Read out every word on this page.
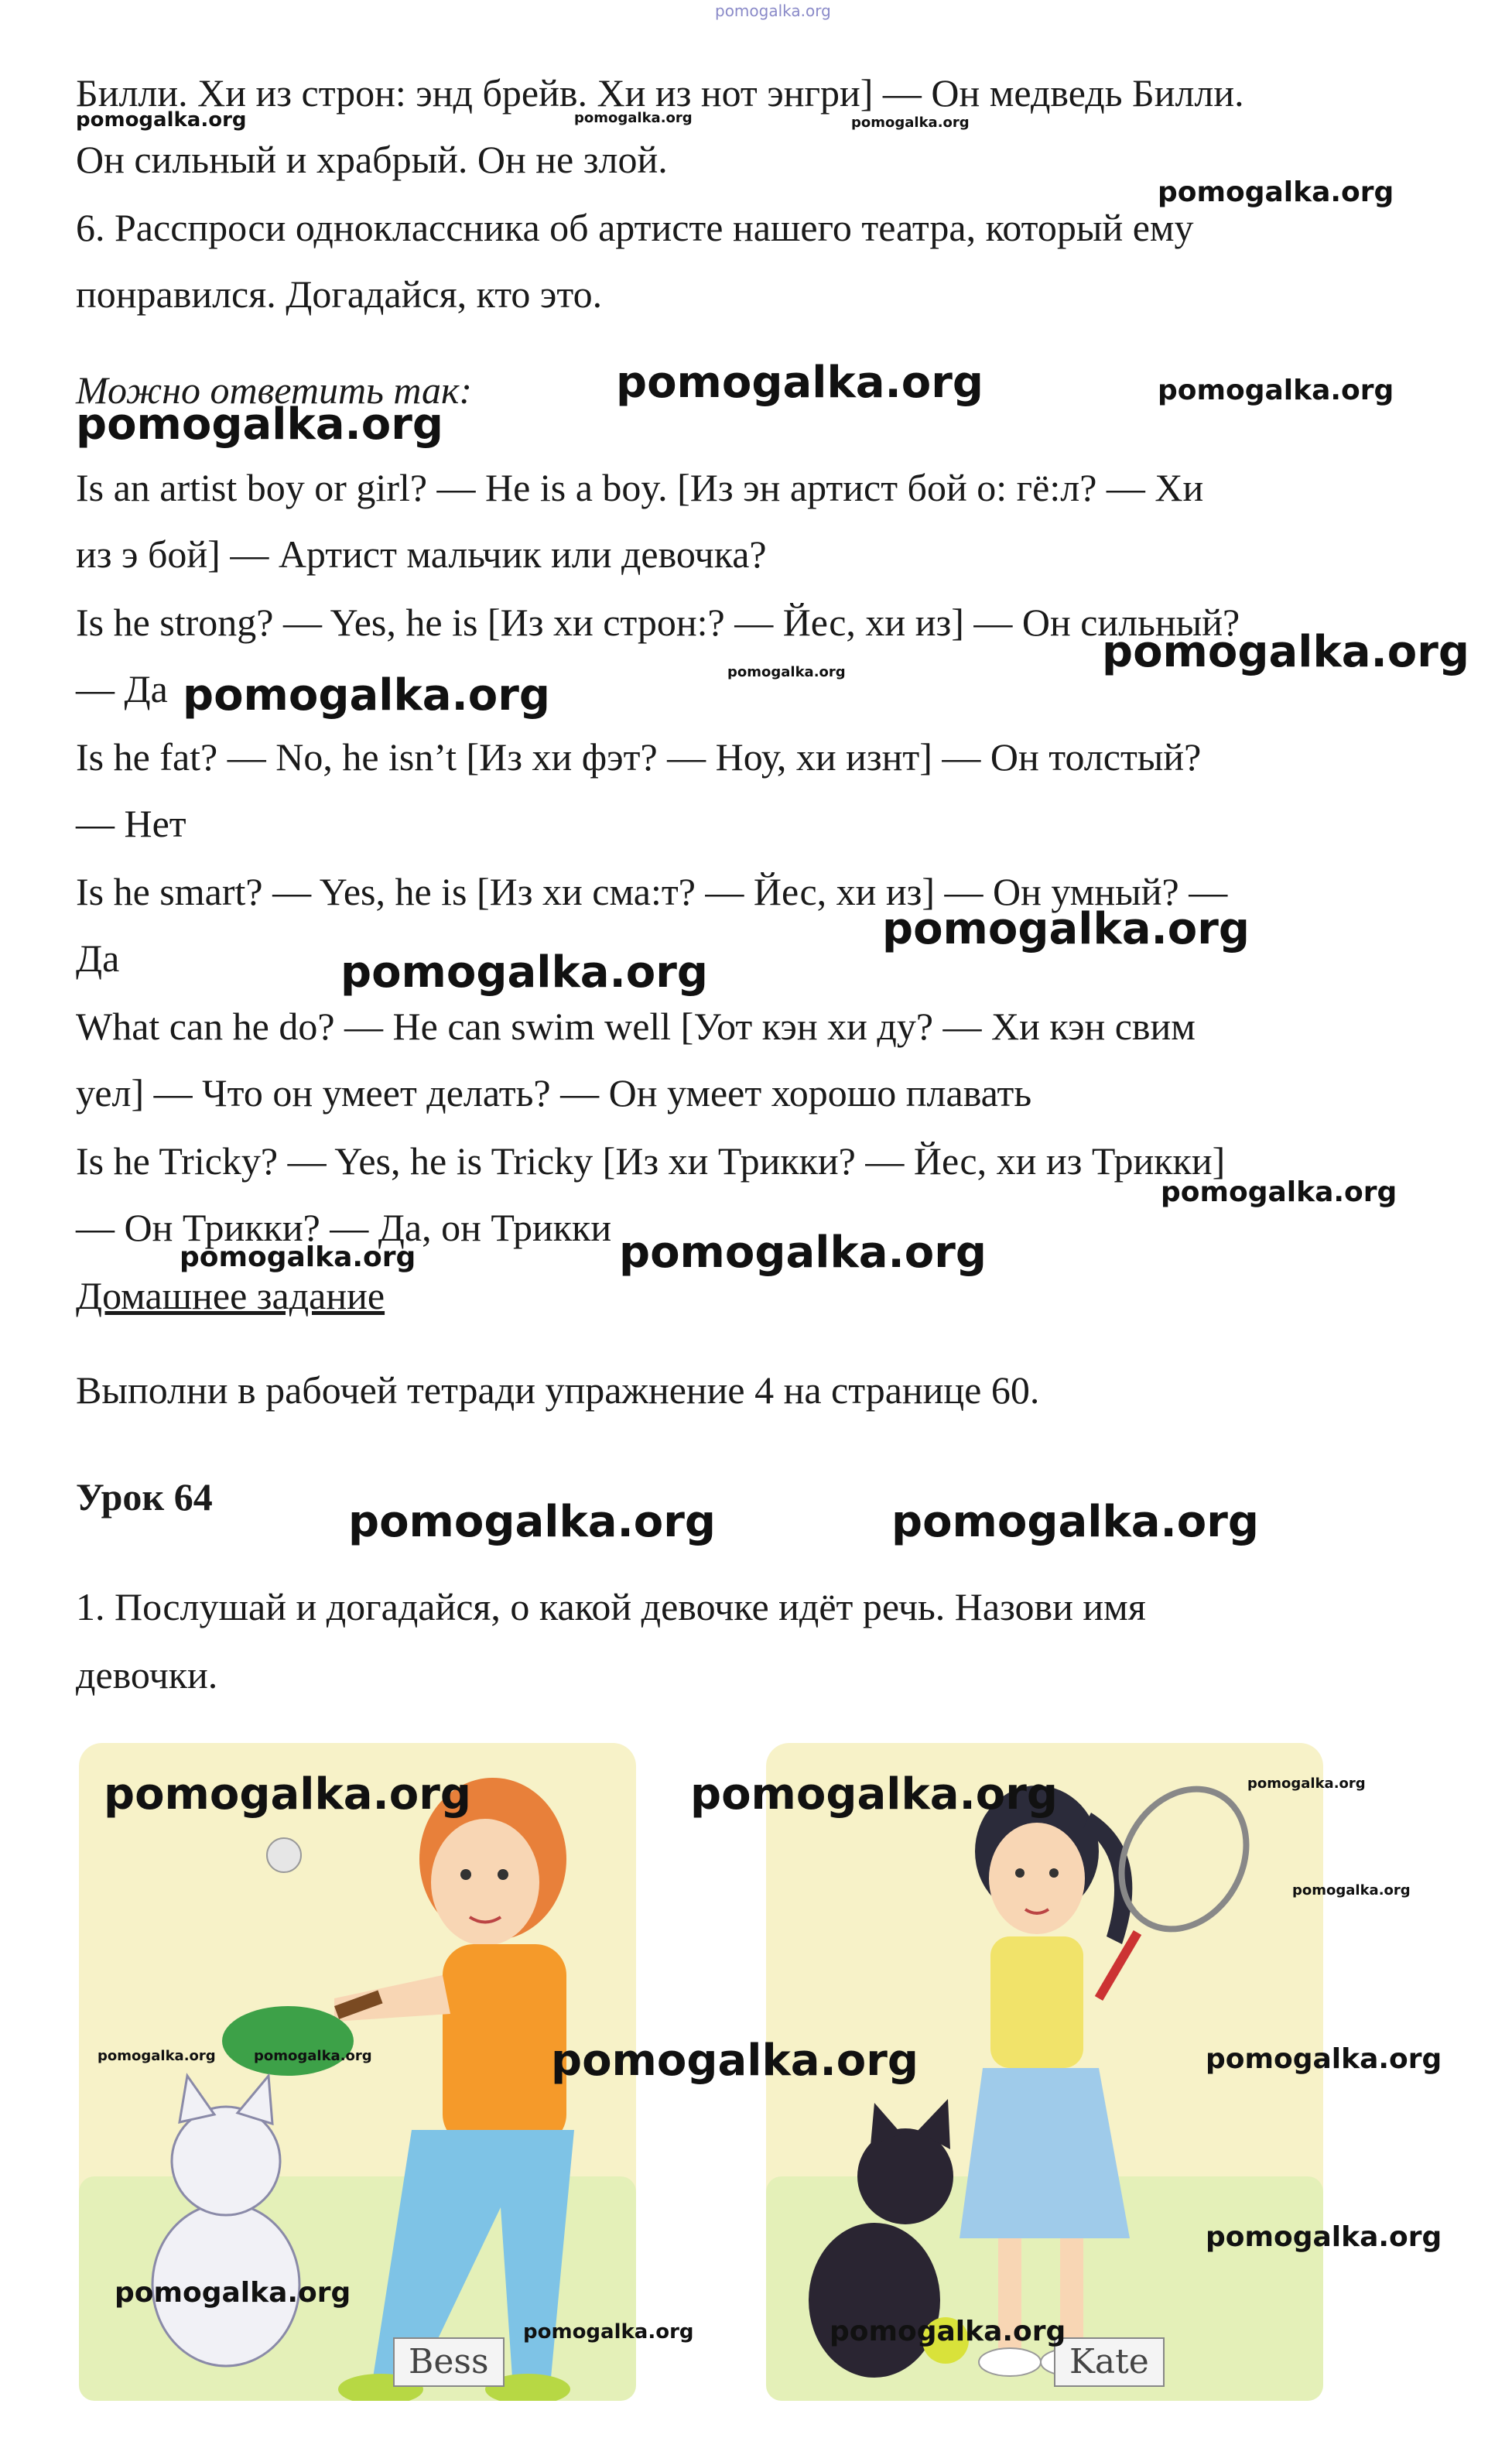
pomogalka.org

Билли. Хи из строн: энд брейв. Хи из нот энгри] — Он медведь Билли.

Он сильный и храбрый. Он не злой.

6. Расспроси одноклассника об артисте нашего театра, который ему

понравился. Догадайся, кто это.

Можно ответить так:

Is an artist boy or girl? — He is a boy. [Из эн артист бой о: гё:л? — Хи

из э бой] — Артист мальчик или девочка?

Is he strong? — Yes, he is [Из хи строн:? — Йес, хи из] — Он сильный?

— Да

Is he fat? — No, he isn’t [Из хи фэт? — Ноу, хи изнт] — Он толстый?

— Нет

Is he smart? — Yes, he is [Из хи сма:т? — Йес, хи из] — Он умный? —

Да

What can he do? — He can swim well [Уот кэн хи ду? — Хи кэн свим

уел] — Что он умеет делать? — Он умеет хорошо плавать

Is he Tricky? — Yes, he is Tricky [Из хи Трикки? — Йес, хи из Трикки]

— Он Трикки? — Да, он Трикки

Домашнее задание

Выполни в рабочей тетради упражнение 4 на странице 60.

Урок 64

1. Послушай и догадайся, о какой девочке идёт речь. Назови имя

девочки.

Bess	Kate
pomogalka.org	pomogalka.org	pomogalka.org
pomogalka.org
pomogalka.org	pomogalka.org
pomogalka.org
pomogalka.org
pomogalka.org
pomogalka.org
pomogalka.org
pomogalka.org
pomogalka.org
pomogalka.org	pomogalka.org
pomogalka.org	pomogalka.org
pomogalka.org	pomogalka.org	pomogalka.org
pomogalka.org
pomogalka.org	pomogalka.org	pomogalka.org	pomogalka.org
pomogalka.org
pomogalka.org
pomogalka.org	pomogalka.org
